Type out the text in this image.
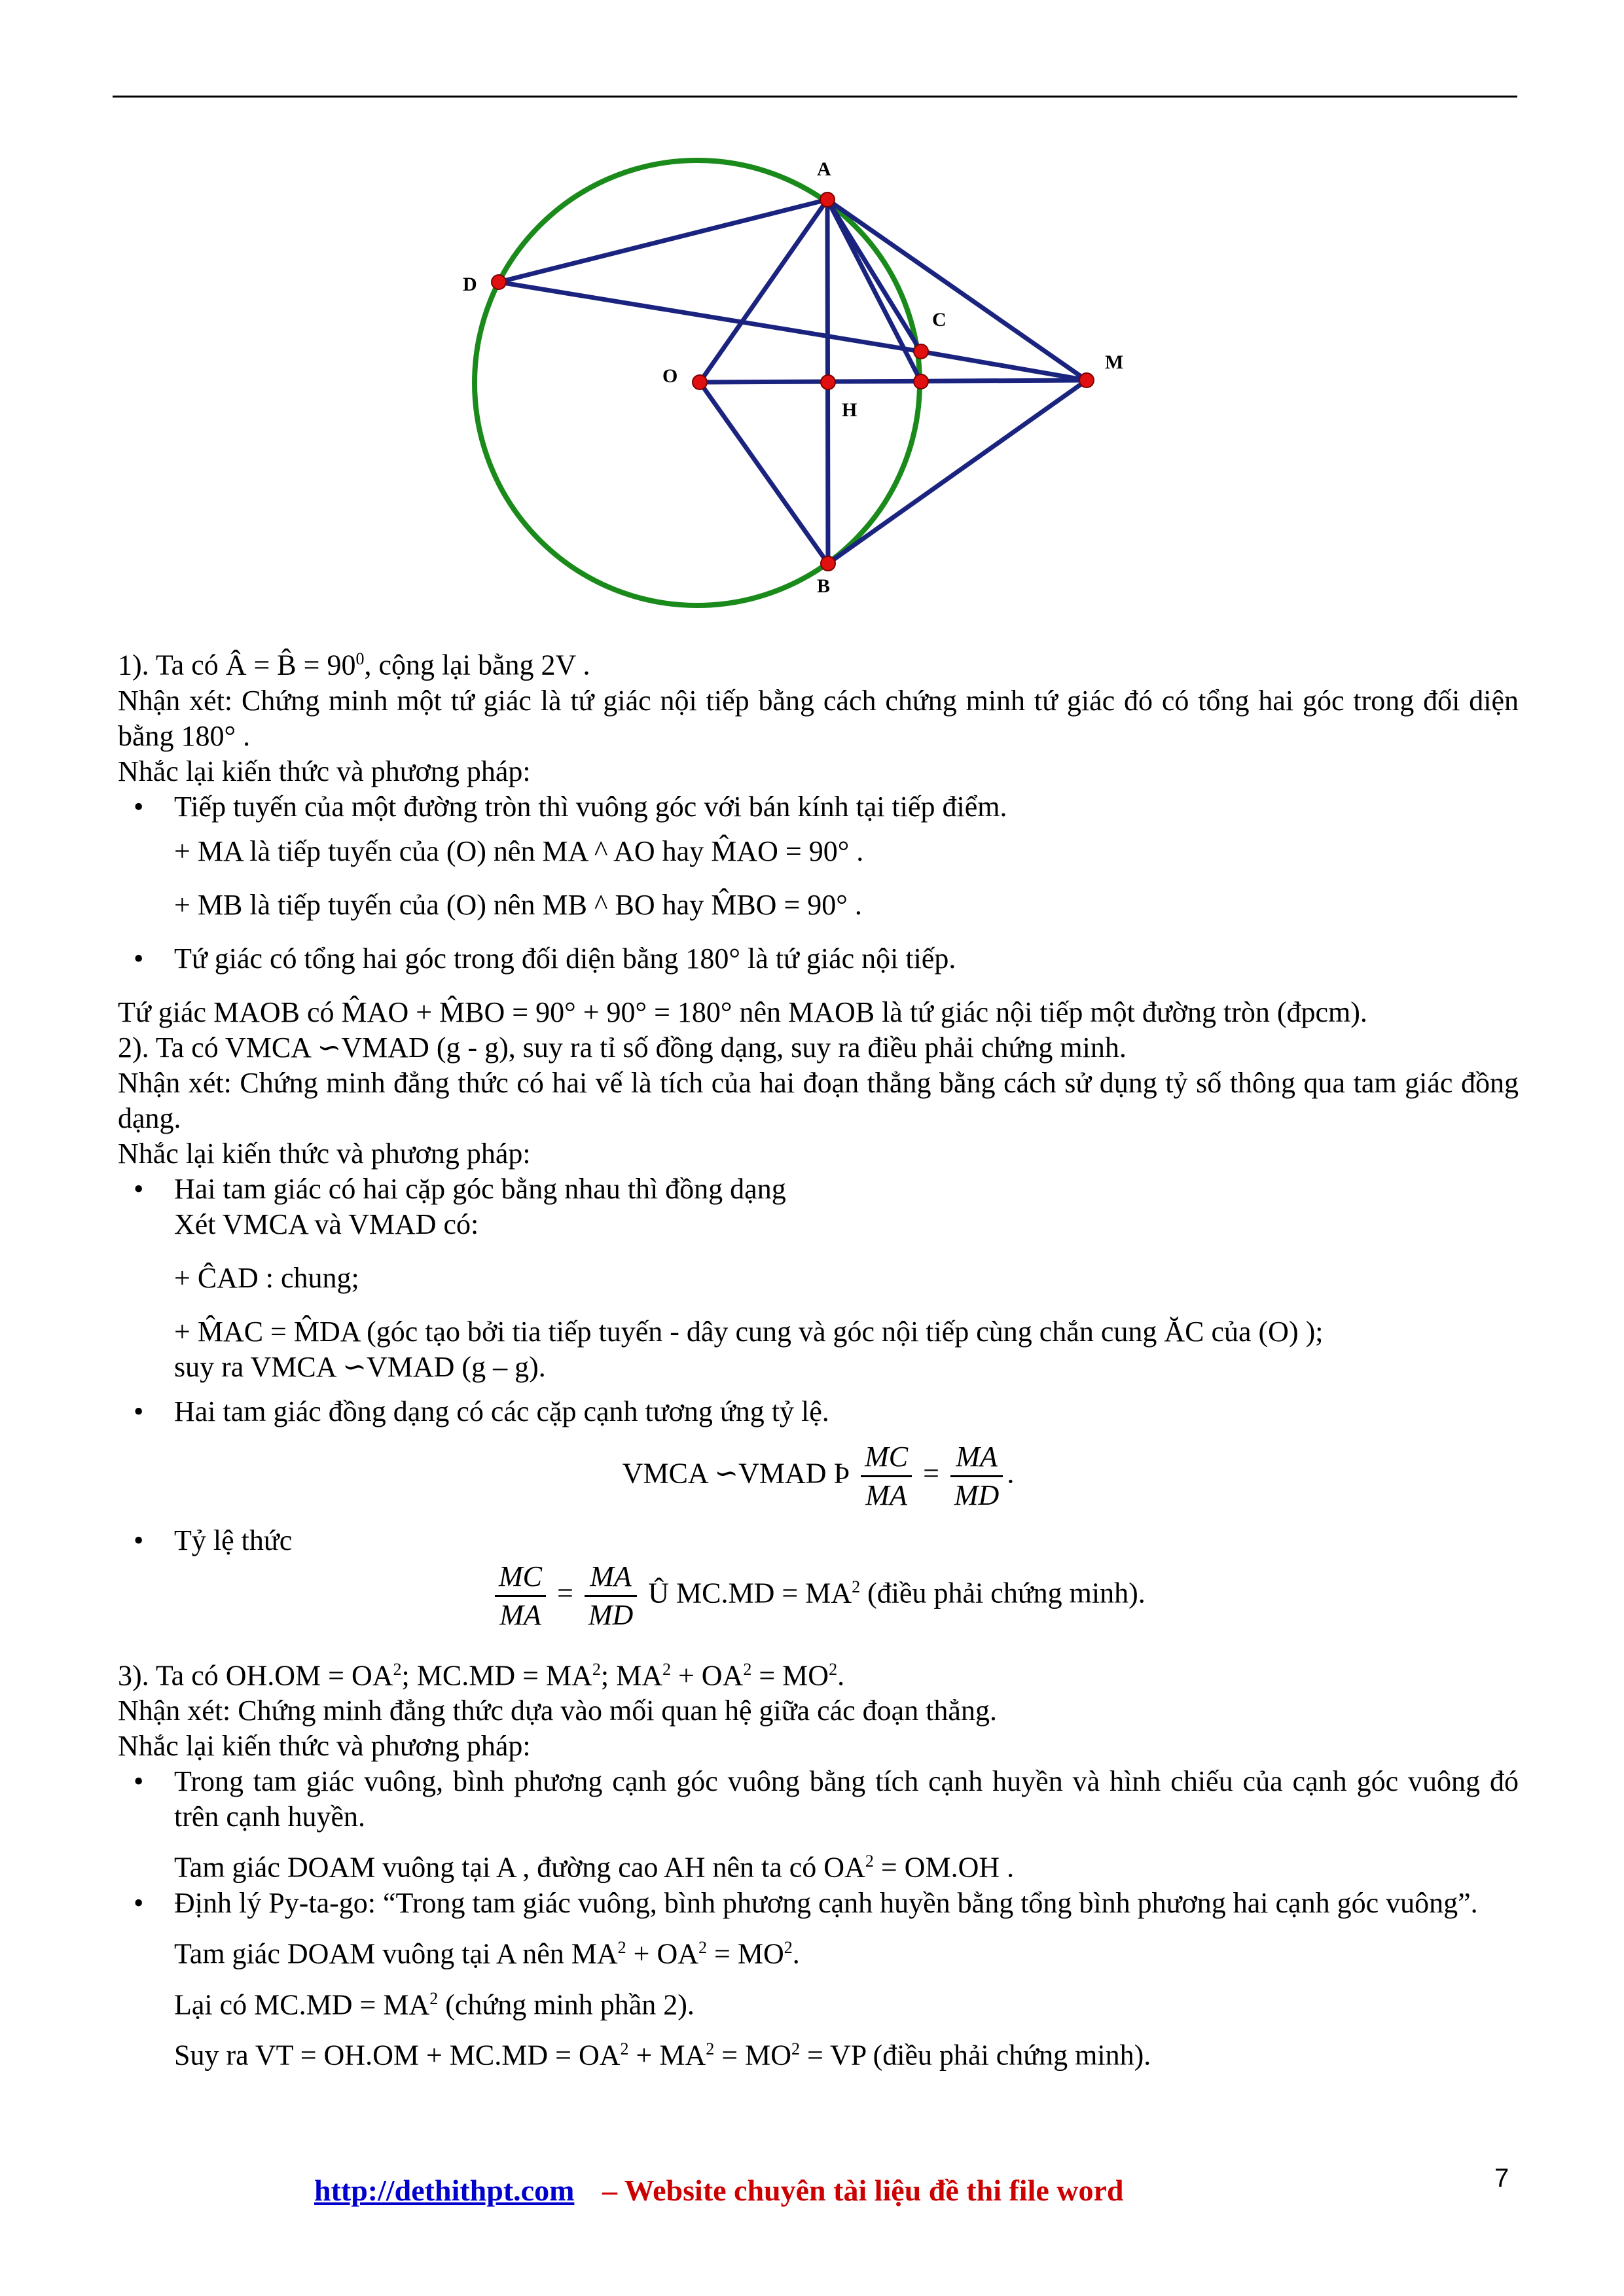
A
B
C
D
O
H
M

1). Ta có Â = B̂ = $90^0$, cộng lại bằng 2V .

Nhận xét: Chứng minh một tứ giác là tứ giác nội tiếp bằng cách chứng minh tứ giác đó có tổng hai góc trong đối diện bằng 180° .

Nhắc lại kiến thức và phương pháp:

• Tiếp tuyến của một đường tròn thì vuông góc với bán kính tại tiếp điểm.

+ MA là tiếp tuyến của (O) nên MA ^ AO hay M̂AO = 90° .

+ MB là tiếp tuyến của (O) nên MB ^ BO hay M̂BO = 90° .

• Tứ giác có tổng hai góc trong đối diện bằng 180° là tứ giác nội tiếp.

Tứ giác MAOB có M̂AO + M̂BO = 90° + 90° = 180° nên MAOB là tứ giác nội tiếp một đường tròn (đpcm).

2). Ta có VMCA ∽VMAD (g - g), suy ra tỉ số đồng dạng, suy ra điều phải chứng minh.

Nhận xét: Chứng minh đẳng thức có hai vế là tích của hai đoạn thẳng bằng cách sử dụng tỷ số thông qua tam giác đồng dạng.

Nhắc lại kiến thức và phương pháp:

• Hai tam giác có hai cặp góc bằng nhau thì đồng dạng

Xét VMCA và VMAD có:

+ ĈAD : chung;

+ M̂AC = M̂DA (góc tạo bởi tia tiếp tuyến - dây cung và góc nội tiếp cùng chắn cung ĂC của (O) );

suy ra VMCA ∽VMAD (g – g).

• Hai tam giác đồng dạng có các cặp cạnh tương ứng tỷ lệ.

VMCA ∽VMAD Þ $\frac{MC}{MA} = \frac{MA}{MD}$ .

• Tỷ lệ thức

$\frac{MC}{MA} = \frac{MA}{MD}$ Û $MC.MD = MA^2$ (điều phải chứng minh).

3). Ta có $OH.OM = OA^2$; $MC.MD = MA^2$; $MA^2 + OA^2 = MO^2$.

Nhận xét: Chứng minh đẳng thức dựa vào mối quan hệ giữa các đoạn thẳng.

Nhắc lại kiến thức và phương pháp:

• Trong tam giác vuông, bình phương cạnh góc vuông bằng tích cạnh huyền và hình chiếu của cạnh góc vuông đó trên cạnh huyền.

Tam giác DOAM vuông tại A , đường cao AH nên ta có $OA^2 = OM.OH$ .

• Định lý Py-ta-go: “Trong tam giác vuông, bình phương cạnh huyền bằng tổng bình phương hai cạnh góc vuông”.

Tam giác DOAM vuông tại A nên $MA^2 + OA^2 = MO^2$.

Lại có $MC.MD = MA^2$ (chứng minh phần 2).

Suy ra VT = $OH.OM + MC.MD = OA^2 + MA^2 = MO^2$ = VP (điều phải chứng minh).

http://dethithpt.com – Website chuyên tài liệu đề thi file word	7
